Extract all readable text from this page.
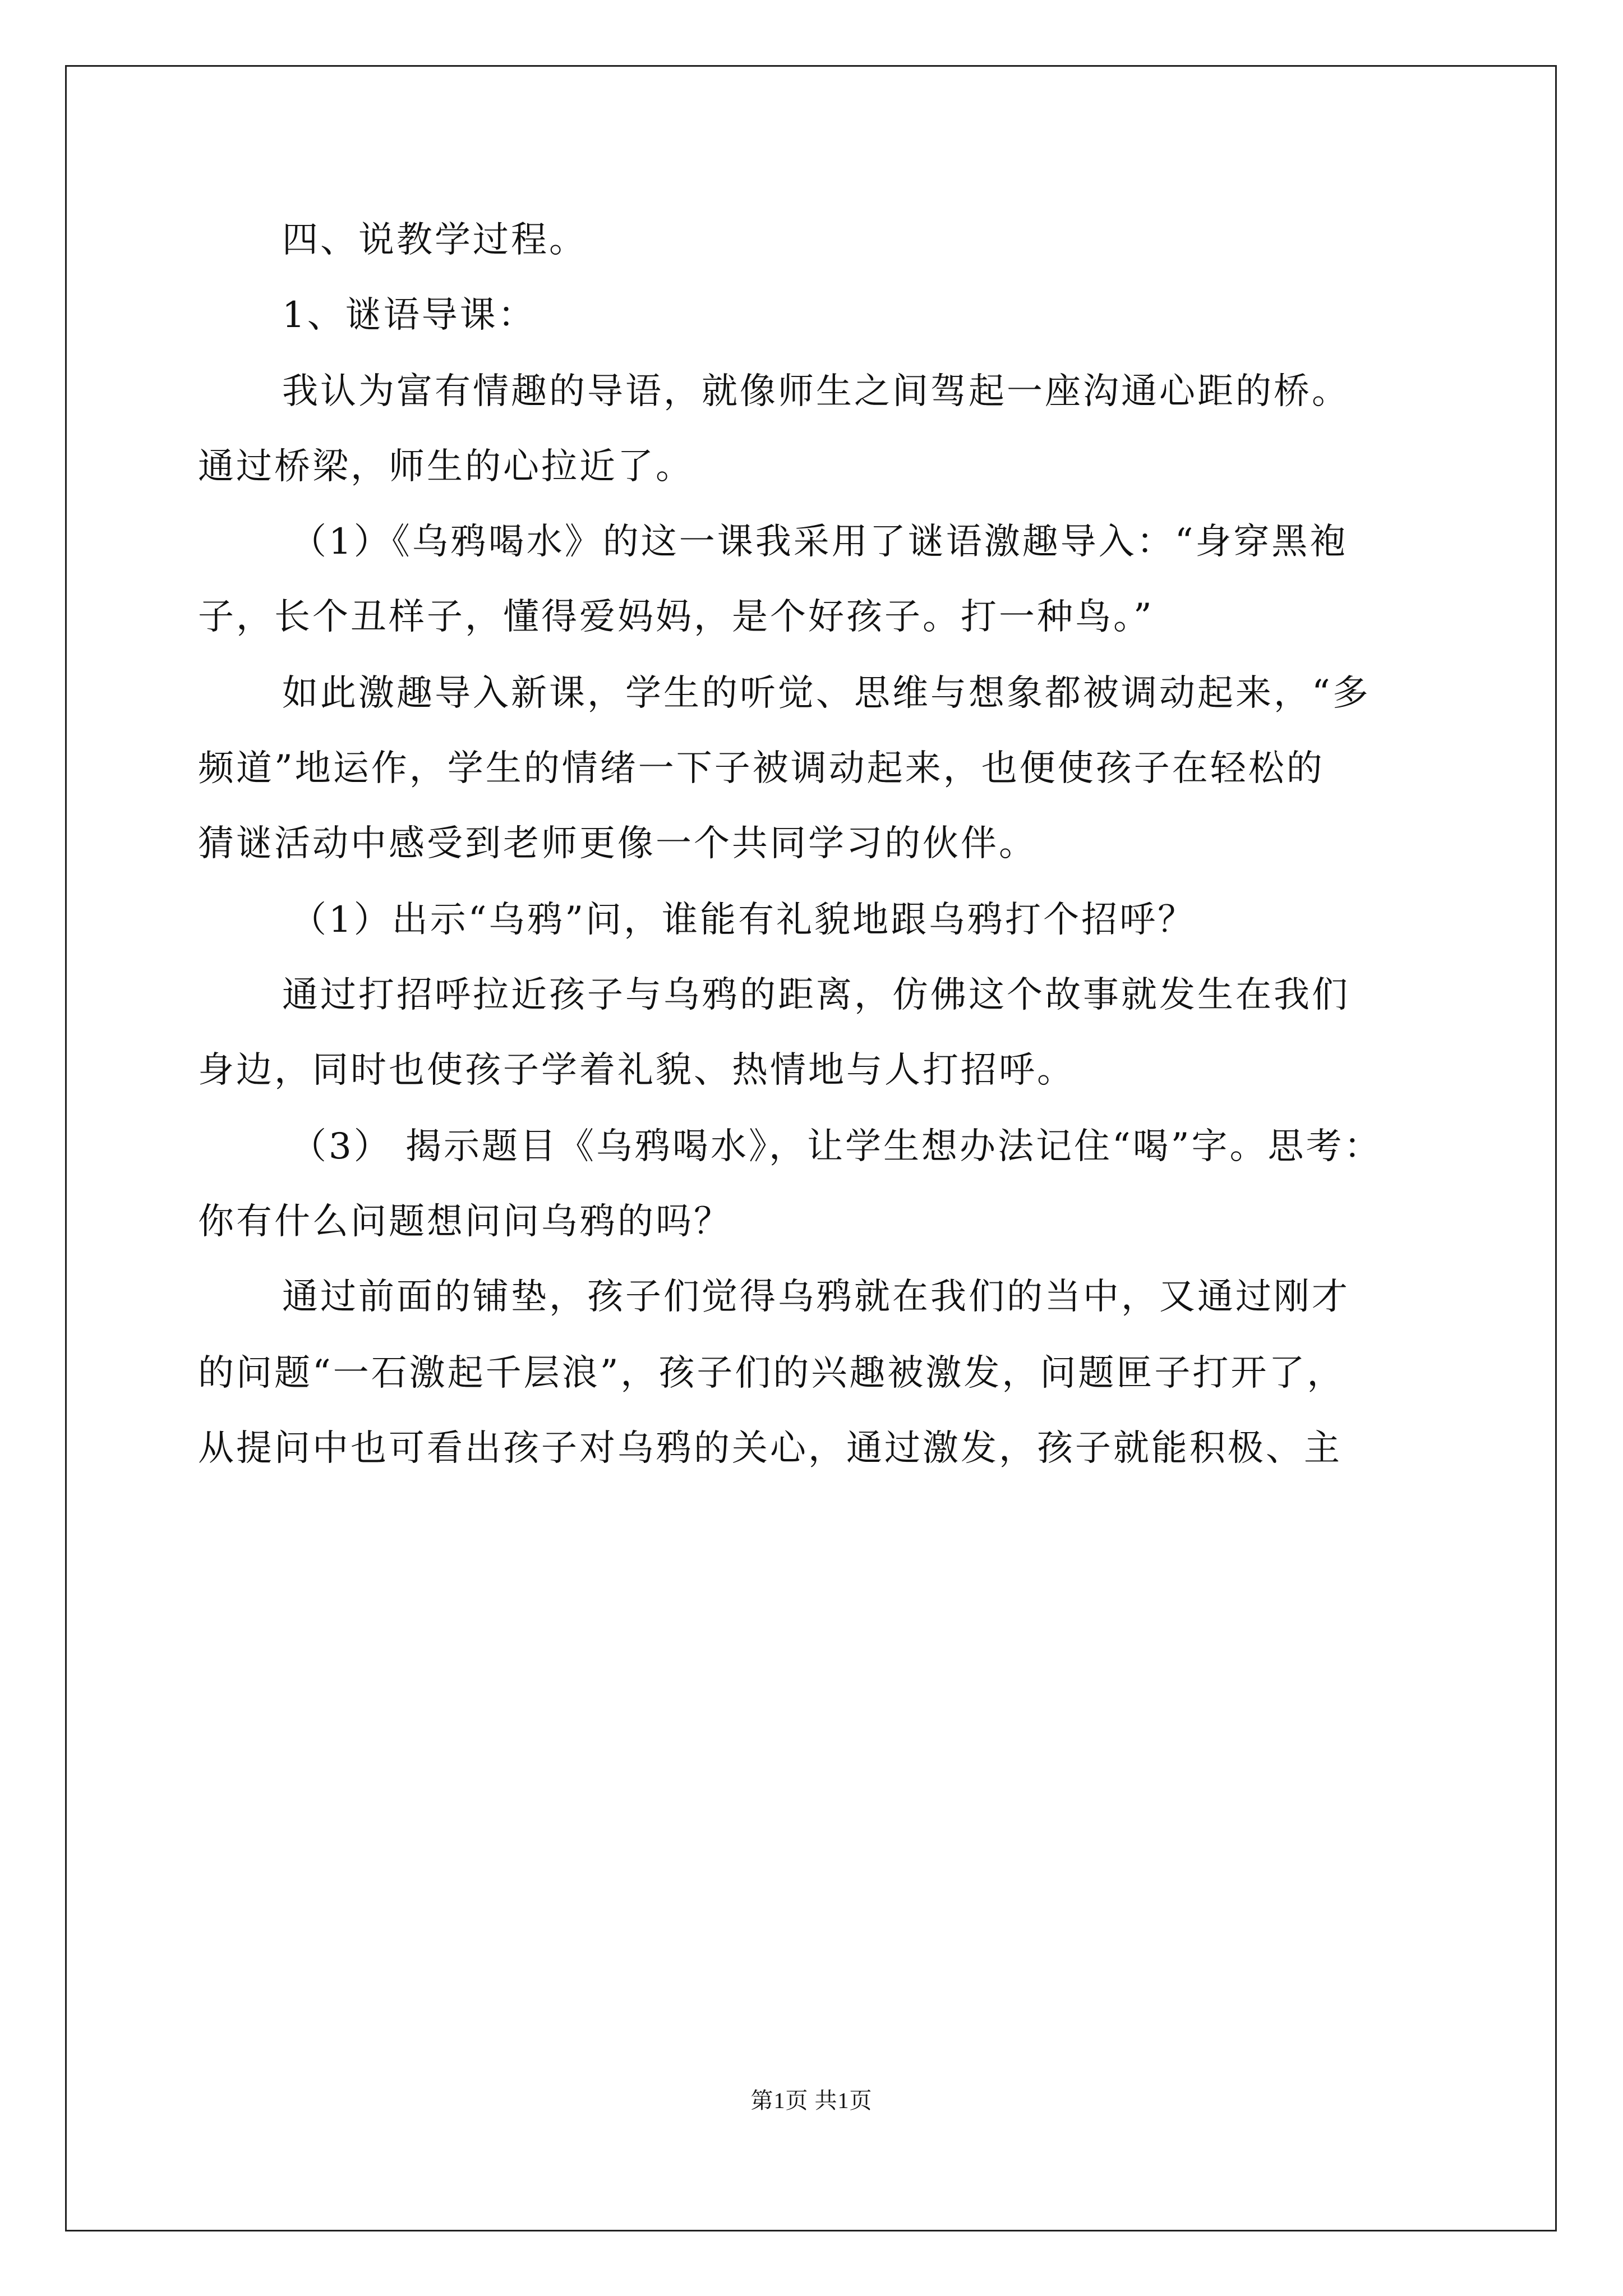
四、说教学过程。
1、谜语导课：
我认为富有情趣的导语，就像师生之间驾起一座沟通心距的桥。
通过桥梁，师生的心拉近了。
（1）《乌鸦喝水》的这一课我采用了谜语激趣导入：“身穿黑袍
子，长个丑样子，懂得爱妈妈，是个好孩子。打一种鸟。”
如此激趣导入新课，学生的听觉、思维与想象都被调动起来，“多
频道”地运作，学生的情绪一下子被调动起来，也便使孩子在轻松的
猜谜活动中感受到老师更像一个共同学习的伙伴。
（1）出示“乌鸦”问，谁能有礼貌地跟乌鸦打个招呼？
通过打招呼拉近孩子与乌鸦的距离，仿佛这个故事就发生在我们
身边，同时也使孩子学着礼貌、热情地与人打招呼。
（3） 揭示题目《乌鸦喝水》，让学生想办法记住“喝”字。思考：
你有什么问题想问问乌鸦的吗？
通过前面的铺垫，孩子们觉得乌鸦就在我们的当中，又通过刚才
的问题“一石激起千层浪”，孩子们的兴趣被激发，问题匣子打开了，
从提问中也可看出孩子对乌鸦的关心，通过激发，孩子就能积极、主
第1页 共1页
